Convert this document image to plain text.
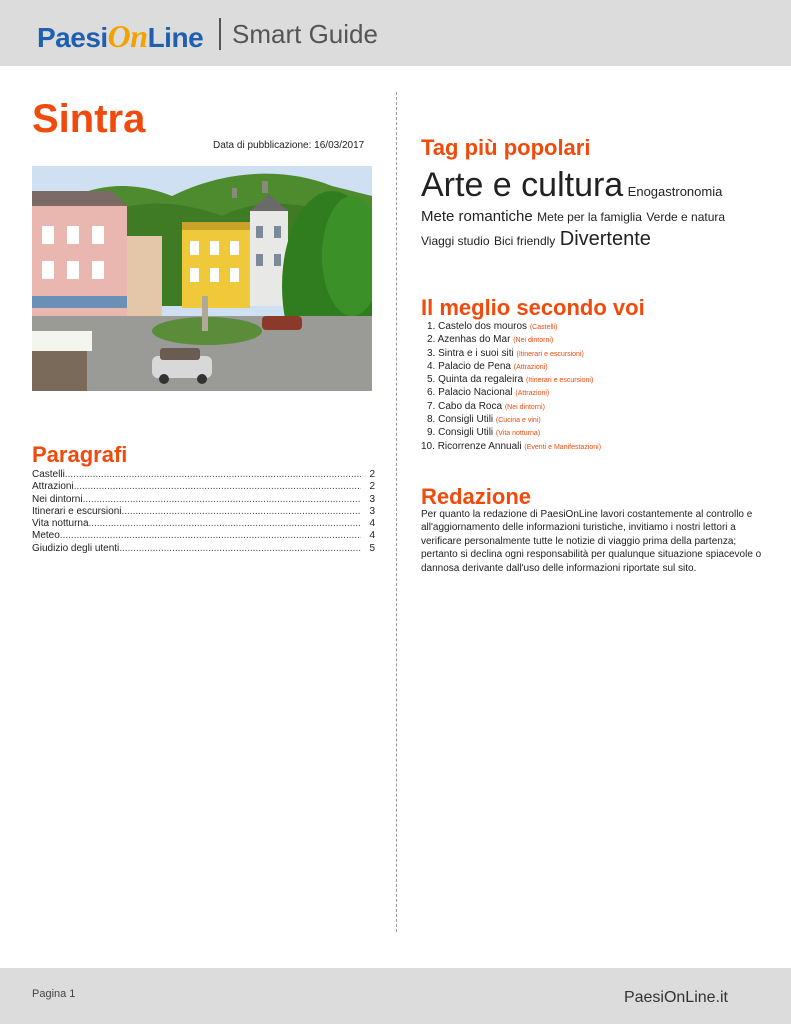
PaesiOnLine Smart Guide
Sintra
Data di pubblicazione: 16/03/2017
Paragrafi
Castelli .....	2
Attrazioni .....	2
Nei dintorni .....	3
Itinerari e escursioni .....	3
Vita notturna .....	4
Meteo .....	4
Giudizio degli utenti .....	5
Tag più popolari
Arte e cultura Enogastronomia
Mete romantiche Mete per la famiglia Verde e natura
Viaggi studio Bici friendly Divertente
Il meglio secondo voi
1. Castelo dos mouros (Castelli)
2. Azenhas do Mar (Nei dintorni)
3. Sintra e i suoi siti (Itinerari e escursioni)
4. Palacio de Pena (Attrazioni)
5. Quinta da regaleira (Itinerari e escursioni)
6. Palacio Nacional (Attrazioni)
7. Cabo da Roca (Nei dintorni)
8. Consigli Utili (Cucina e vini)
9. Consigli Utili (Vita notturna)
10. Ricorrenze Annuali (Eventi e Manifestazioni)
Redazione
Per quanto la redazione di PaesiOnLine lavori costantemente al controllo e all'aggiornamento delle informazioni turistiche, invitiamo i nostri lettori a verificare personalmente tutte le notizie di viaggio prima della partenza; pertanto si declina ogni responsabilità per qualunque situazione spiacevole o dannosa derivante dall'uso delle informazioni riportate sul sito.
Pagina 1	PaesiOnLine.it
